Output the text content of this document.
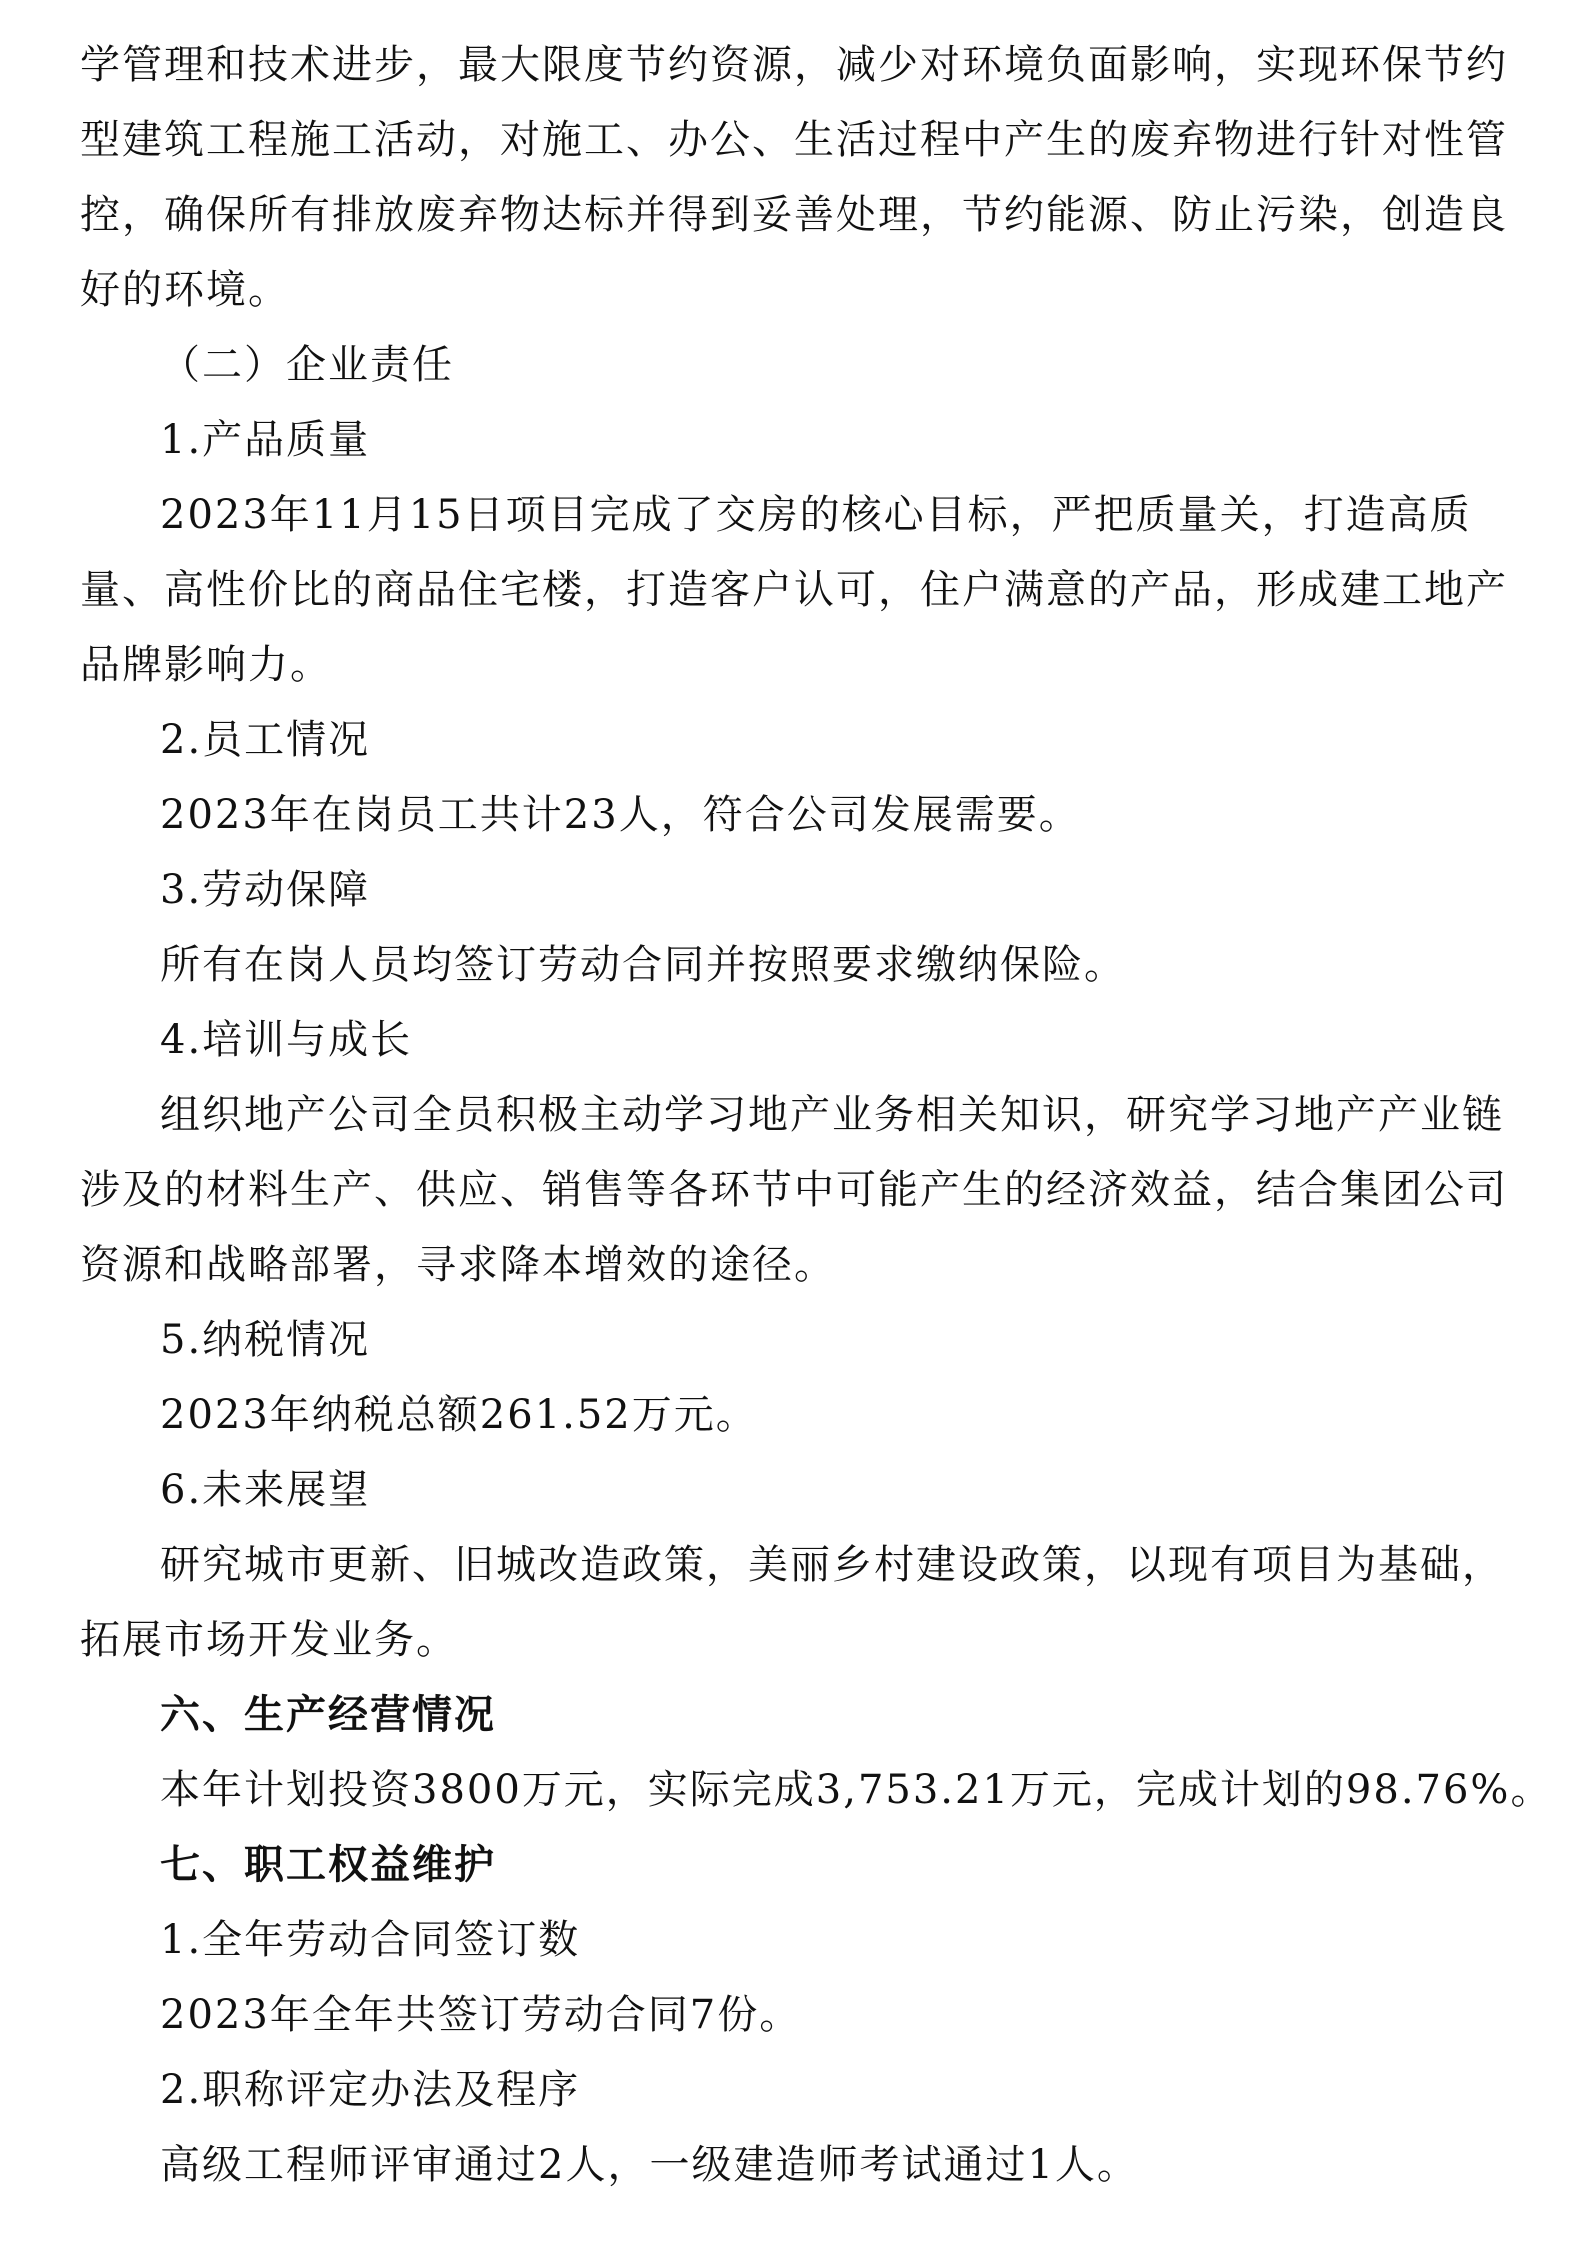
学管理和技术进步，最大限度节约资源，减少对环境负面影响，实现环保节约
型建筑工程施工活动，对施工、办公、生活过程中产生的废弃物进行针对性管
控，确保所有排放废弃物达标并得到妥善处理，节约能源、防止污染，创造良
好的环境。
（二）企业责任
1.产品质量
2023年11月15日项目完成了交房的核心目标，严把质量关，打造高质
量、高性价比的商品住宅楼，打造客户认可，住户满意的产品，形成建工地产
品牌影响力。
2.员工情况
2023年在岗员工共计23人，符合公司发展需要。
3.劳动保障
所有在岗人员均签订劳动合同并按照要求缴纳保险。
4.培训与成长
组织地产公司全员积极主动学习地产业务相关知识，研究学习地产产业链
涉及的材料生产、供应、销售等各环节中可能产生的经济效益，结合集团公司
资源和战略部署，寻求降本增效的途径。
5.纳税情况
2023年纳税总额261.52万元。
6.未来展望
研究城市更新、旧城改造政策，美丽乡村建设政策，以现有项目为基础，
拓展市场开发业务。
六、生产经营情况
本年计划投资3800万元，实际完成3,753.21万元，完成计划的98.76%。
七、职工权益维护
1.全年劳动合同签订数
2023年全年共签订劳动合同7份。
2.职称评定办法及程序
高级工程师评审通过2人，一级建造师考试通过1人。
